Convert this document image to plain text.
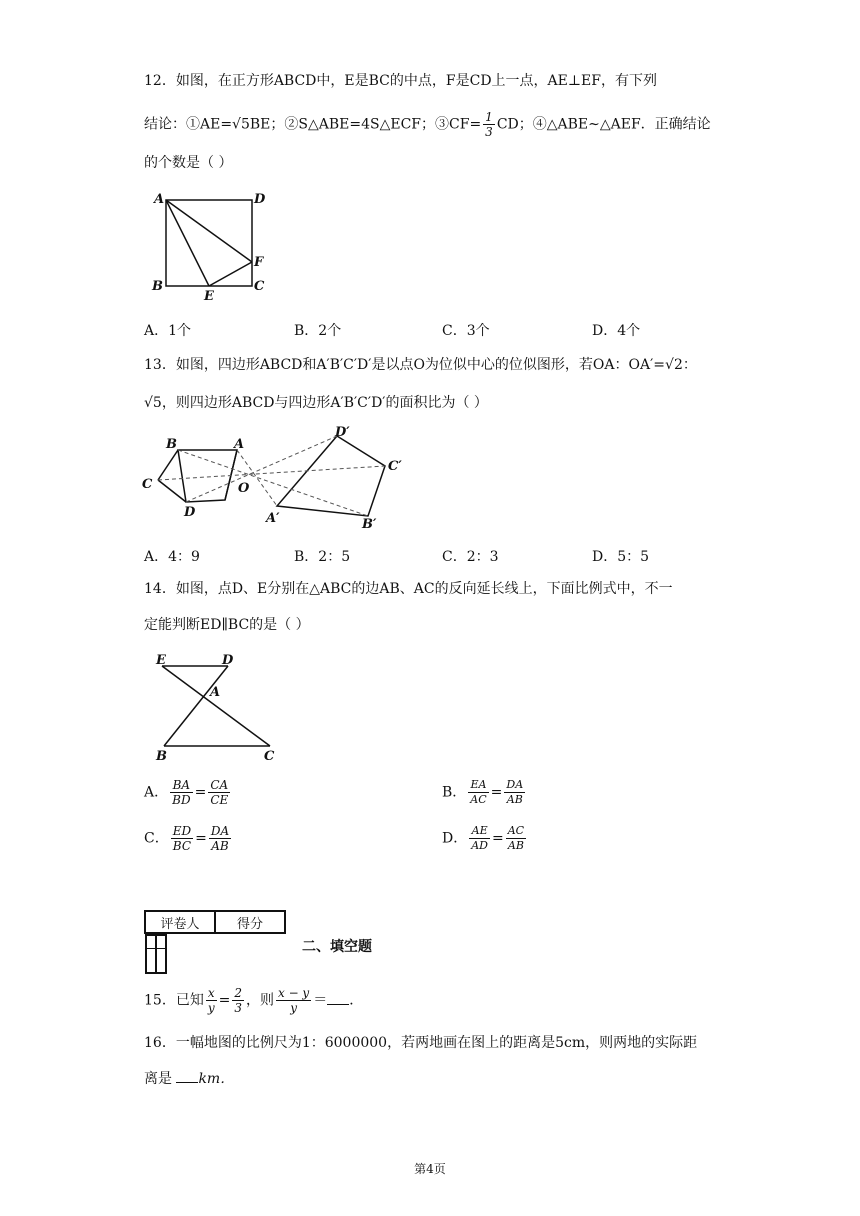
12．如图，在正方形ABCD中，E是BC的中点，F是CD上一点，AE⊥EF，有下列
结论：①AE=√5BE；②S△ABE=4S△ECF；③CF= $\frac{1}{3}$ CD；④△ABE∼△AEF．正确结论
的个数是（ ）
A	D
B
E
C
F
A．1个	B．2个	C．3个	D．4个
13．如图，四边形ABCD和A′B′C′D′是以点O为位似中心的位似图形，若OA：OA′=√2：
√5，则四边形ABCD与四边形A′B′C′D′的面积比为（ ）
B	A
C	O
D
D′
C′
A′	B′
A．4：9	B．2：5	C．2：3	D．5：5
14．如图，点D、E分别在△ABC的边AB、AC的反向延长线上，下面比例式中，不一
定能判断ED∥BC的是（ ）
E	D
A
B	C
A． $\frac{BA}{BD} = \frac{CA}{CE}$	B． $\frac{EA}{AC} = \frac{DA}{AB}$
C． $\frac{ED}{BC} = \frac{DA}{AB}$	D． $\frac{AE}{AD} = \frac{AC}{AB}$
评卷人	得分

二、填空题
15．已知 $\frac{x}{y} = \frac{2}{3}$ ，则 $\frac{x - y}{y}$ ＝ ．
16．一幅地图的比例尺为1：6000000，若两地画在图上的距离是5cm，则两地的实际距
离是 km．
第4页
